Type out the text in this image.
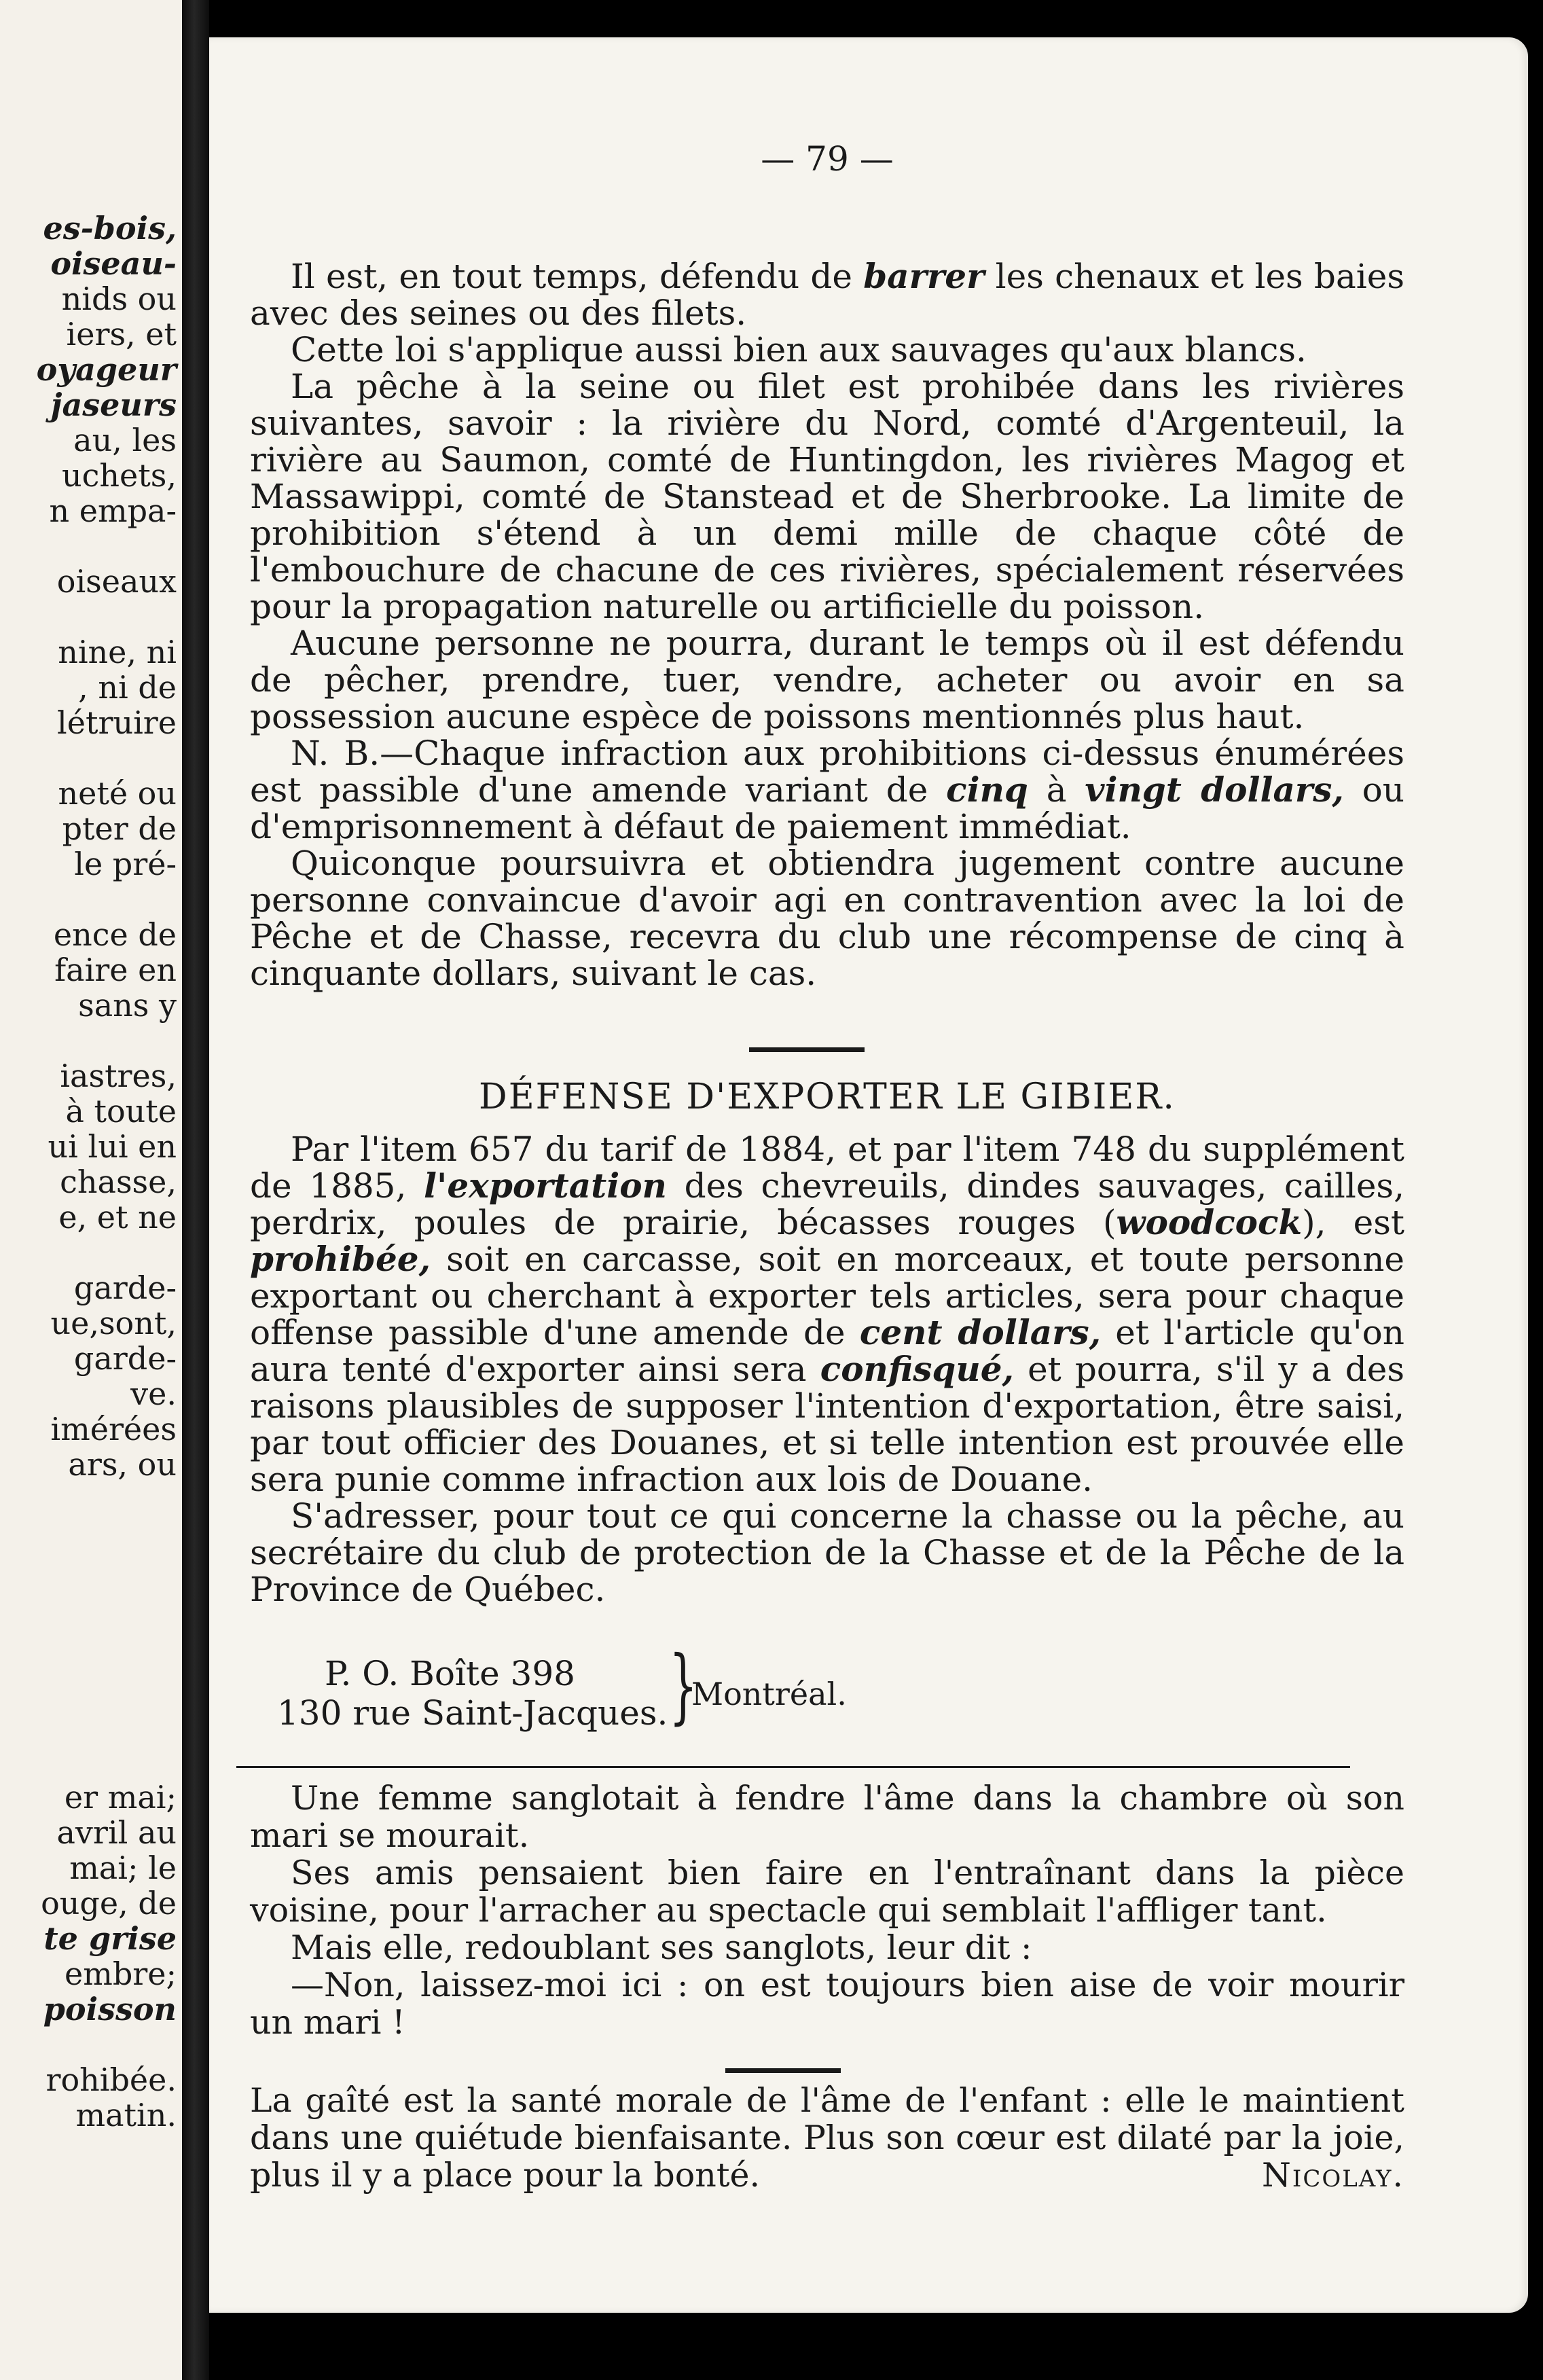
es-bois,
oiseau-
nids ou
iers, et
oyageur
jaseurs
au, les
uchets,
n empa-
oiseaux
nine, ni
, ni de
létruire
neté ou
pter de
le pré-
ence de
faire en
sans y
iastres,
à toute
ui lui en
chasse,
e, et ne
garde-
ue,sont,
garde-
ve.
imérées
ars, ou
er mai;
avril au
mai; le
ouge, de
te grise
embre;
poisson
rohibée.
matin.
— 79 —

Il est, en tout temps, défendu de barrer les chenaux et les baies avec des seines ou des filets.

Cette loi s'applique aussi bien aux sauvages qu'aux blancs.

La pêche à la seine ou filet est prohibée dans les rivières suivantes, savoir : la rivière du Nord, comté d'Argenteuil, la rivière au Saumon, comté de Huntingdon, les rivières Magog et Massawippi, comté de Stanstead et de Sherbrooke. La limite de prohibition s'étend à un demi mille de chaque côté de l'embouchure de chacune de ces rivières, spécialement réservées pour la propagation naturelle ou artificielle du poisson.

Aucune personne ne pourra, durant le temps où il est défendu de pêcher, prendre, tuer, vendre, acheter ou avoir en sa possession aucune espèce de poissons mentionnés plus haut.

N. B.—Chaque infraction aux prohibitions ci-dessus énumérées est passible d'une amende variant de cinq à vingt dollars, ou d'emprisonnement à défaut de paiement immédiat.

Quiconque poursuivra et obtiendra jugement contre aucune personne convaincue d'avoir agi en contravention avec la loi de Pêche et de Chasse, recevra du club une récompense de cinq à cinquante dollars, suivant le cas.

DÉFENSE D'EXPORTER LE GIBIER.

Par l'item 657 du tarif de 1884, et par l'item 748 du supplément de 1885, l'exportation des chevreuils, dindes sauvages, cailles, perdrix, poules de prairie, bécasses rouges (woodcock), est prohibée, soit en carcasse, soit en morceaux, et toute personne exportant ou cherchant à exporter tels articles, sera pour chaque offense passible d'une amende de cent dollars, et l'article qu'on aura tenté d'exporter ainsi sera confisqué, et pourra, s'il y a des raisons plausibles de supposer l'intention d'exportation, être saisi, par tout officier des Douanes, et si telle intention est prouvée elle sera punie comme infraction aux lois de Douane.

S'adresser, pour tout ce qui concerne la chasse ou la pêche, au secrétaire du club de protection de la Chasse et de la Pêche de la Province de Québec.

P. O. Boîte 398
130 rue Saint-Jacques. }
Montréal.

Une femme sanglotait à fendre l'âme dans la chambre où son mari se mourait.

Ses amis pensaient bien faire en l'entraînant dans la pièce voisine, pour l'arracher au spectacle qui semblait l'affliger tant.

Mais elle, redoublant ses sanglots, leur dit :

—Non, laissez-moi ici : on est toujours bien aise de voir mourir un mari !

La gaîté est la santé morale de l'âme de l'enfant : elle le maintient dans une quiétude bienfaisante. Plus son cœur est dilaté par la joie, plus il y a place pour la bonté.	Nicolay.
